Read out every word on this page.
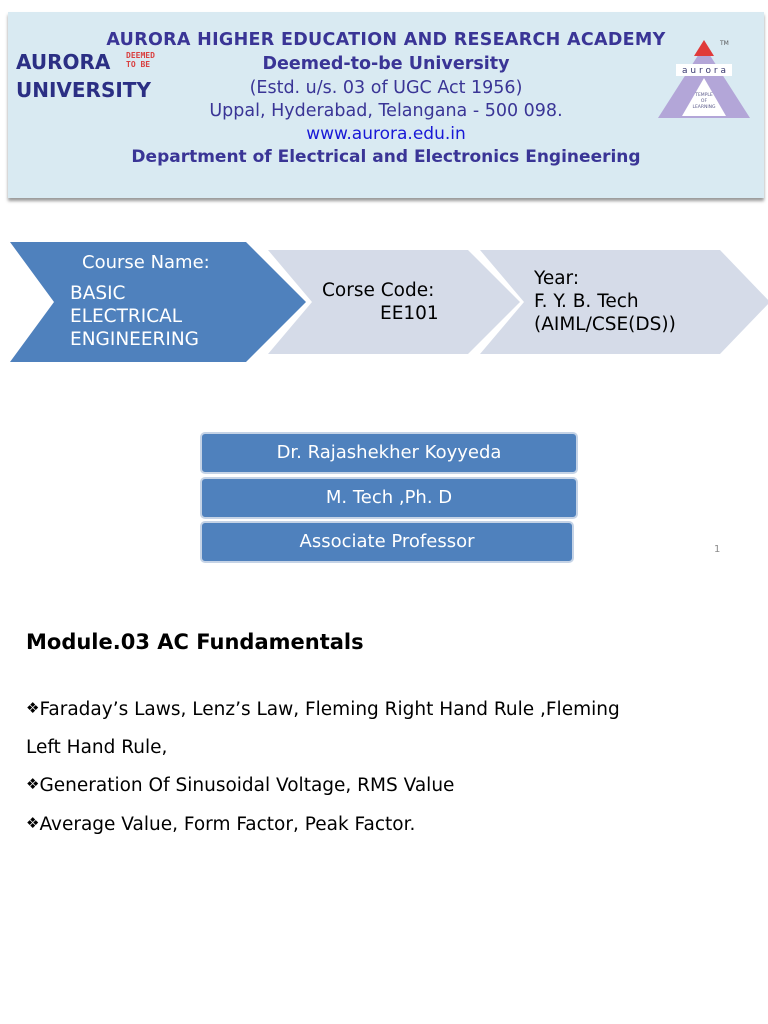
AURORA HIGHER EDUCATION AND RESEARCH ACADEMY
Deemed-to-be University
(Estd. u/s. 03 of UGC Act 1956)
Uppal, Hyderabad, Telangana - 500 098.
www.aurora.edu.in
Department of Electrical and Electronics Engineering
AURORA
UNIVERSITY
DEEMED
TO BE
a u r o r a
TM
TEMPLE
OF
LEARNING
Course Name:
BASIC
ELECTRICAL
ENGINEERING
Corse Code:
EE101
Year:
F. Y. B. Tech
(AIML/CSE(DS))
Dr. Rajashekher Koyyeda
M. Tech ,Ph. D
Associate Professor	1
Module.03 AC Fundamentals
❖Faraday’s Laws, Lenz’s Law, Fleming Right Hand Rule ,Fleming
Left Hand Rule,
❖Generation Of Sinusoidal Voltage, RMS Value
❖Average Value, Form Factor, Peak Factor.
